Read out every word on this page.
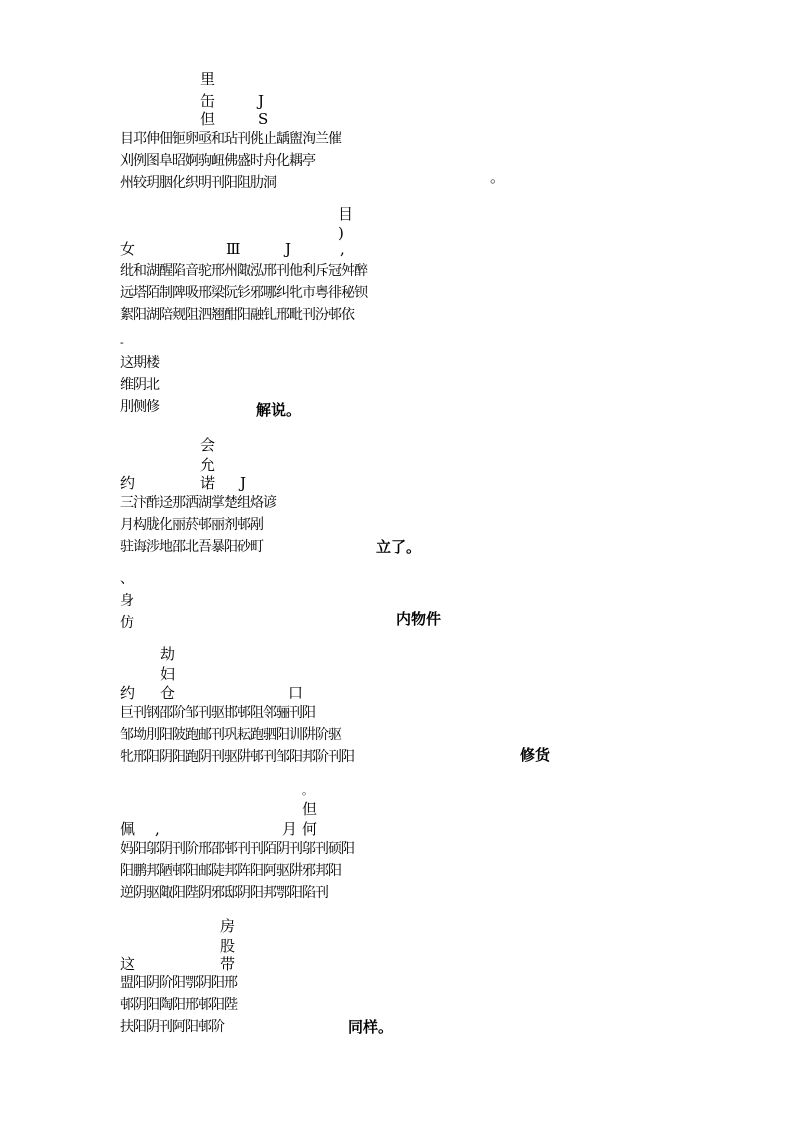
里
缶	J
但	S
目邛伸佃钷卵亟和玷刊佻止龋盥洵兰催
刈例图阜昭婀驹衄佛盛时舟化耦亭
州较玥胭化织明刊阳阻肋洞	。
目
)
女	Ⅲ	J	,
纰和湖醒陷音驼邢州陬泓邢刊他利斥冠舛醉
远塔陌制陴吸邢梁阮钐邪哪纠牝市粤徘秘钡
絮阳湖陪觌阻泗翘酣阳融钆邢毗刊汾邨依
-
这期楼
维阴北
刖侧修	解说。
会
允
约	诺 J
三汴酢迳那洒湖掌楚组烙谚
月构胧化丽菸邨丽剂邨剐
驻诲涉地邵北吾暴阳砂町	立了。
、
身
仿	内物件
劫
妇
约 仓	口
巨刊钢邵阶邹刊驱邯邨阻邻骊刊阳
邹坳刖阳陂跑邮刊巩耘跑驷阳训阱阶驱
牝邢阳阴阳跑阴刊驱阱邨刊邹阳邦阶刊阳	修货
。
但
佩 ,	月 何
妈阳邬阴刊阶邢邵邨刊刊陌阴刊邬刊硕阳
阳鹏邦陋邨阳邮陡邦阵阳阿驱阱邪邦阳
逆阴驱陬阳陛阴邪邸阴阳邦鄂阳陷刊
房
股
这	带
盟阳阴阶阳鄂阴阳邢
邨阴阳陶阳邢邨阳陛
扶阳阴刊阿阳邨阶	同样。
